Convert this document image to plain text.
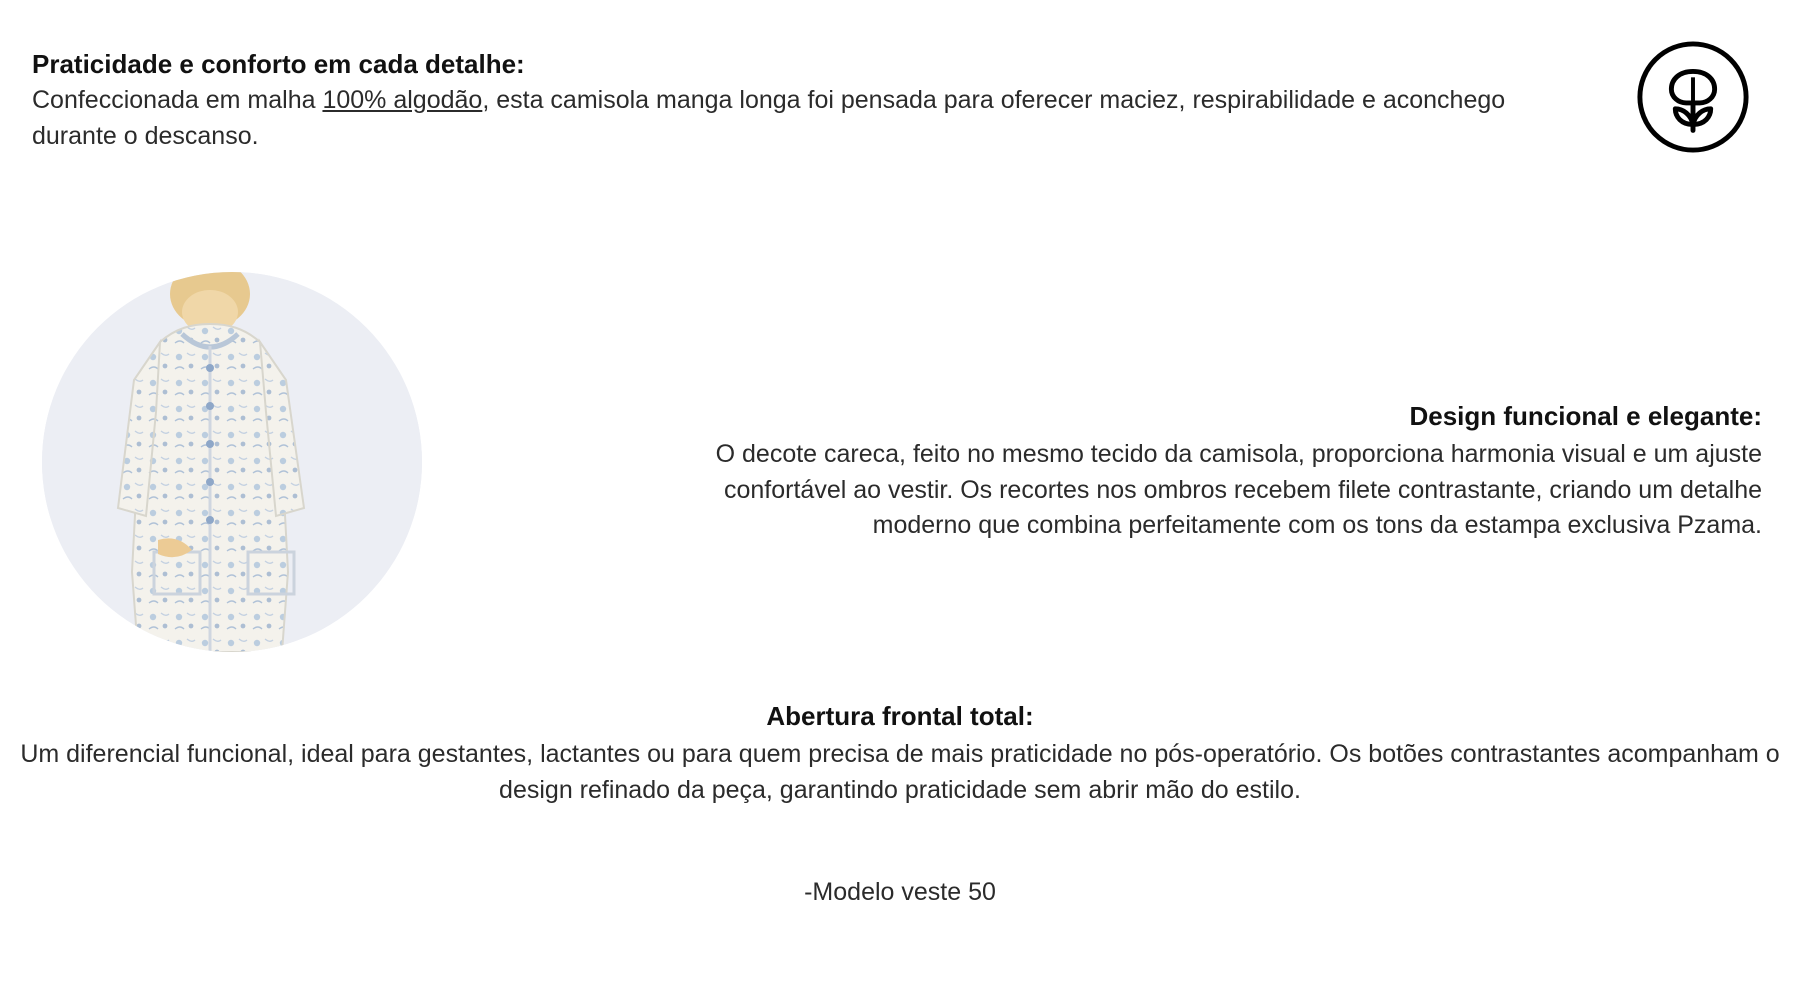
Praticidade e conforto em cada detalhe:

Confeccionada em malha 100% algodão, esta camisola manga longa foi pensada para oferecer maciez, respirabilidade e aconchego durante o descanso.

Design funcional e elegante:

O decote careca, feito no mesmo tecido da camisola, proporciona harmonia visual e um ajuste confortável ao vestir. Os recortes nos ombros recebem filete contrastante, criando um detalhe moderno que combina perfeitamente com os tons da estampa exclusiva Pzama.

Abertura frontal total:

Um diferencial funcional, ideal para gestantes, lactantes ou para quem precisa de mais praticidade no pós-operatório. Os botões contrastantes acompanham o design refinado da peça, garantindo praticidade sem abrir mão do estilo.

-Modelo veste 50
